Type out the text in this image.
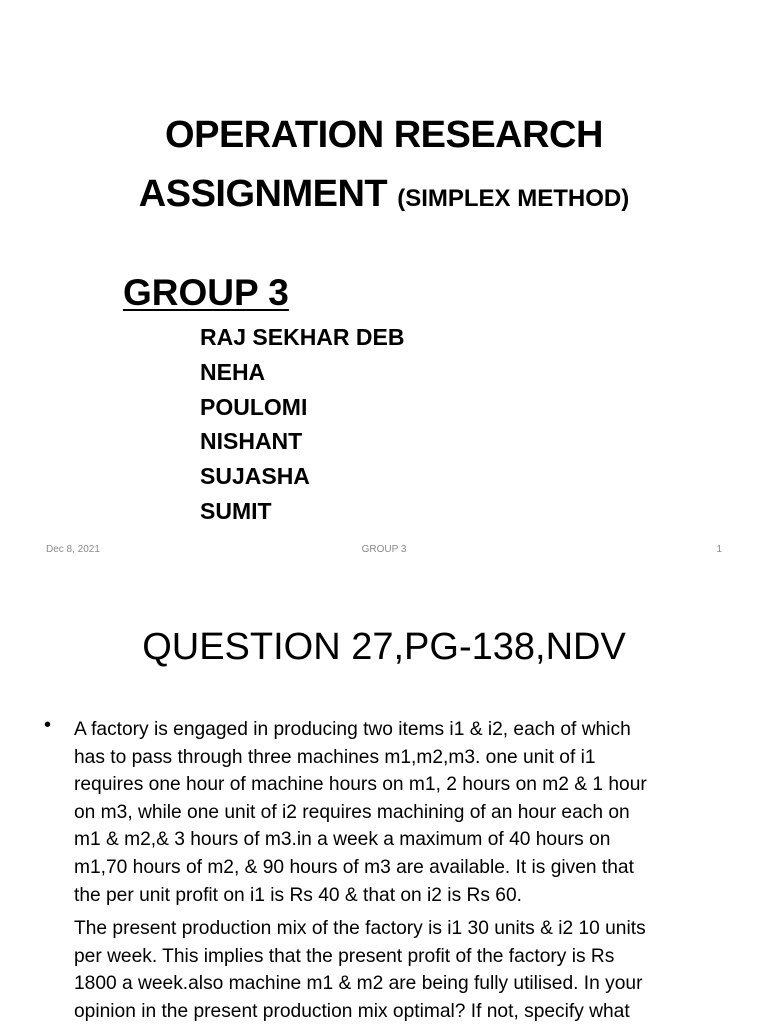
OPERATION RESEARCH
ASSIGNMENT (SIMPLEX METHOD)
GROUP 3
RAJ SEKHAR DEB
NEHA
POULOMI
NISHANT
SUJASHA
SUMIT
Dec 8, 2021	GROUP 3	1
QUESTION 27,PG-138,NDV
• A factory is engaged in producing two items i1 & i2, each of which
has to pass through three machines m1,m2,m3. one unit of i1
requires one hour of machine hours on m1, 2 hours on m2 & 1 hour
on m3, while one unit of i2 requires machining of an hour each on
m1 & m2,& 3 hours of m3.in a week a maximum of 40 hours on
m1,70 hours of m2, & 90 hours of m3 are available. It is given that
the per unit profit on i1 is Rs 40 & that on i2 is Rs 60.
The present production mix of the factory is i1 30 units & i2 10 units
per week. This implies that the present profit of the factory is Rs
1800 a week.also machine m1 & m2 are being fully utilised. In your
opinion in the present production mix optimal? If not, specify what
